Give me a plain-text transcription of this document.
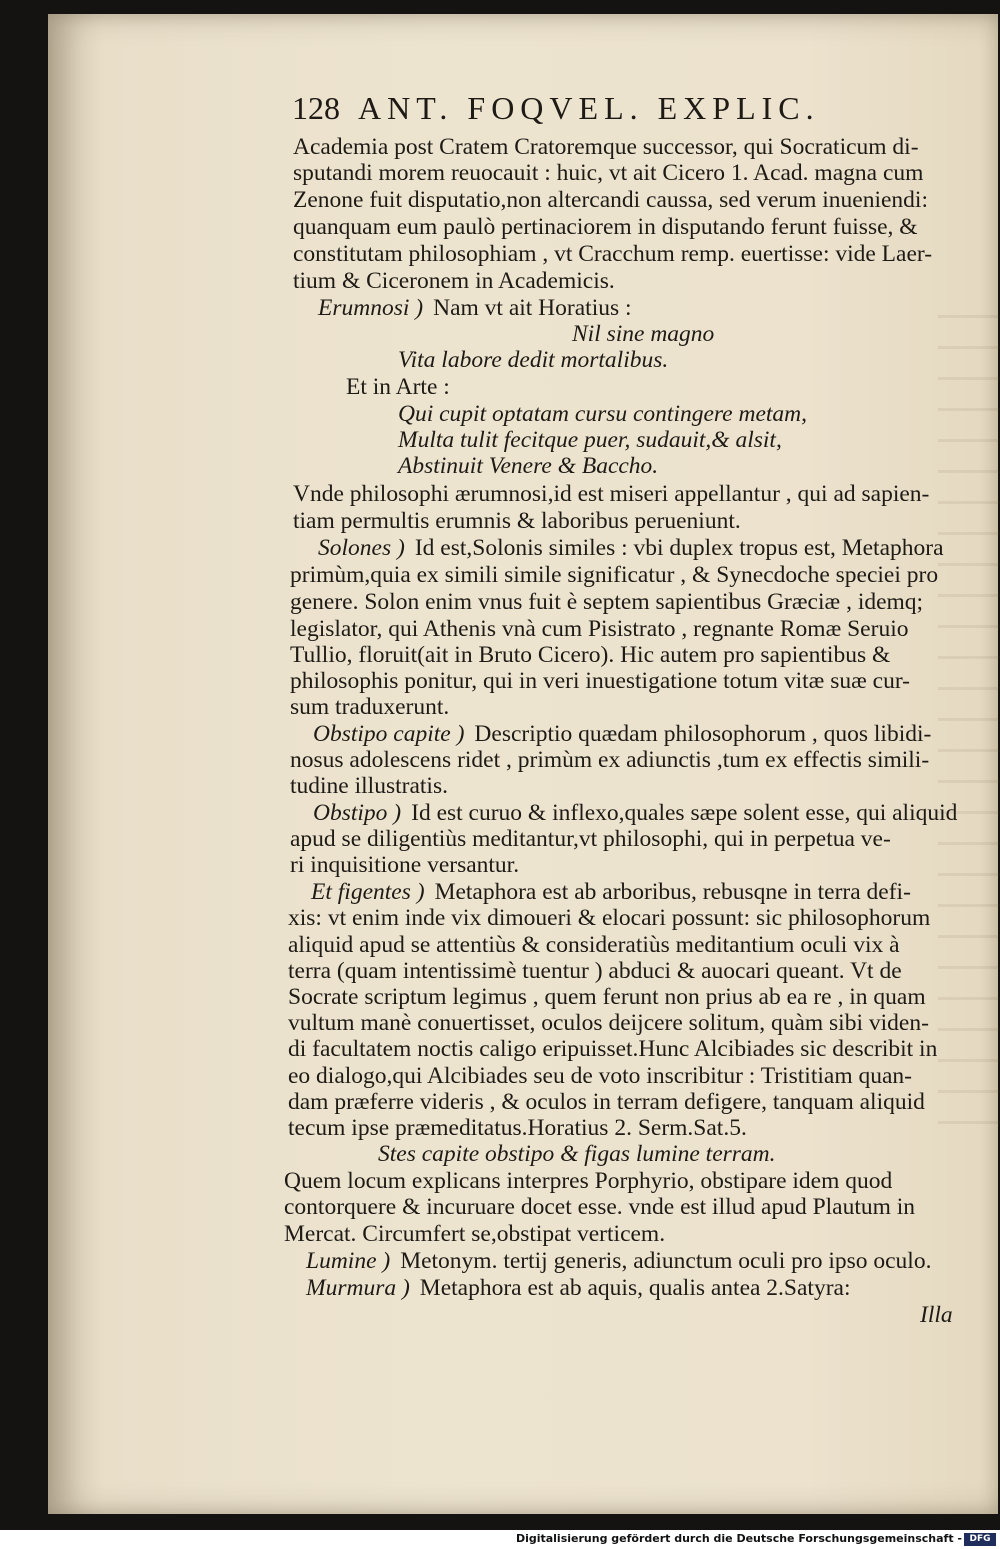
128 ANT. FOQVEL. EXPLIC.
Academia post Cratem Cratoremque successor, qui Socraticum di-
sputandi morem reuocauit : huic, vt ait Cicero 1. Acad. magna cum
Zenone fuit disputatio,non altercandi caussa, sed verum inueniendi:
quanquam eum paulò pertinaciorem in disputando ferunt fuisse, &
constitutam philosophiam , vt Cracchum remp. euertisse: vide Laer-
tium & Ciceronem in Academicis.
Erumnosi ) Nam vt ait Horatius :
Nil sine magno
Vita labore dedit mortalibus.
Et in Arte :
Qui cupit optatam cursu contingere metam,
Multa tulit fecitque puer, sudauit,& alsit,
Abstinuit Venere & Baccho.
Vnde philosophi ærumnosi,id est miseri appellantur , qui ad sapien-
tiam permultis erumnis & laboribus perueniunt.
Solones ) Id est,Solonis similes : vbi duplex tropus est, Metaphora
primùm,quia ex simili simile significatur , & Synecdoche speciei pro
genere. Solon enim vnus fuit è septem sapientibus Græciæ , idemq;
legislator, qui Athenis vnà cum Pisistrato , regnante Romæ Seruio
Tullio, floruit(ait in Bruto Cicero). Hic autem pro sapientibus &
philosophis ponitur, qui in veri inuestigatione totum vitæ suæ cur-
sum traduxerunt.
Obstipo capite ) Descriptio quædam philosophorum , quos libidi-
nosus adolescens ridet , primùm ex adiunctis ,tum ex effectis simili-
tudine illustratis.
Obstipo ) Id est curuo & inflexo,quales sæpe solent esse, qui aliquid
apud se diligentiùs meditantur,vt philosophi, qui in perpetua ve-
ri inquisitione versantur.
Et figentes ) Metaphora est ab arboribus, rebusqne in terra defi-
xis: vt enim inde vix dimoueri & elocari possunt: sic philosophorum
aliquid apud se attentiùs & consideratiùs meditantium oculi vix à
terra (quam intentissimè tuentur ) abduci & auocari queant. Vt de
Socrate scriptum legimus , quem ferunt non prius ab ea re , in quam
vultum manè conuertisset, oculos deijcere solitum, quàm sibi viden-
di facultatem noctis caligo eripuisset.Hunc Alcibiades sic describit in
eo dialogo,qui Alcibiades seu de voto inscribitur : Tristitiam quan-
dam præferre videris , & oculos in terram defigere, tanquam aliquid
tecum ipse præmeditatus.Horatius 2. Serm.Sat.5.
Stes capite obstipo & figas lumine terram.
Quem locum explicans interpres Porphyrio, obstipare idem quod
contorquere & incuruare docet esse. vnde est illud apud Plautum in
Mercat. Circumfert se,obstipat verticem.
Lumine ) Metonym. tertij generis, adiunctum oculi pro ipso oculo.
Murmura ) Metaphora est ab aquis, qualis antea 2.Satyra:
Illa
Digitalisierung gefördert durch die Deutsche Forschungsgemeinschaft - DFG
